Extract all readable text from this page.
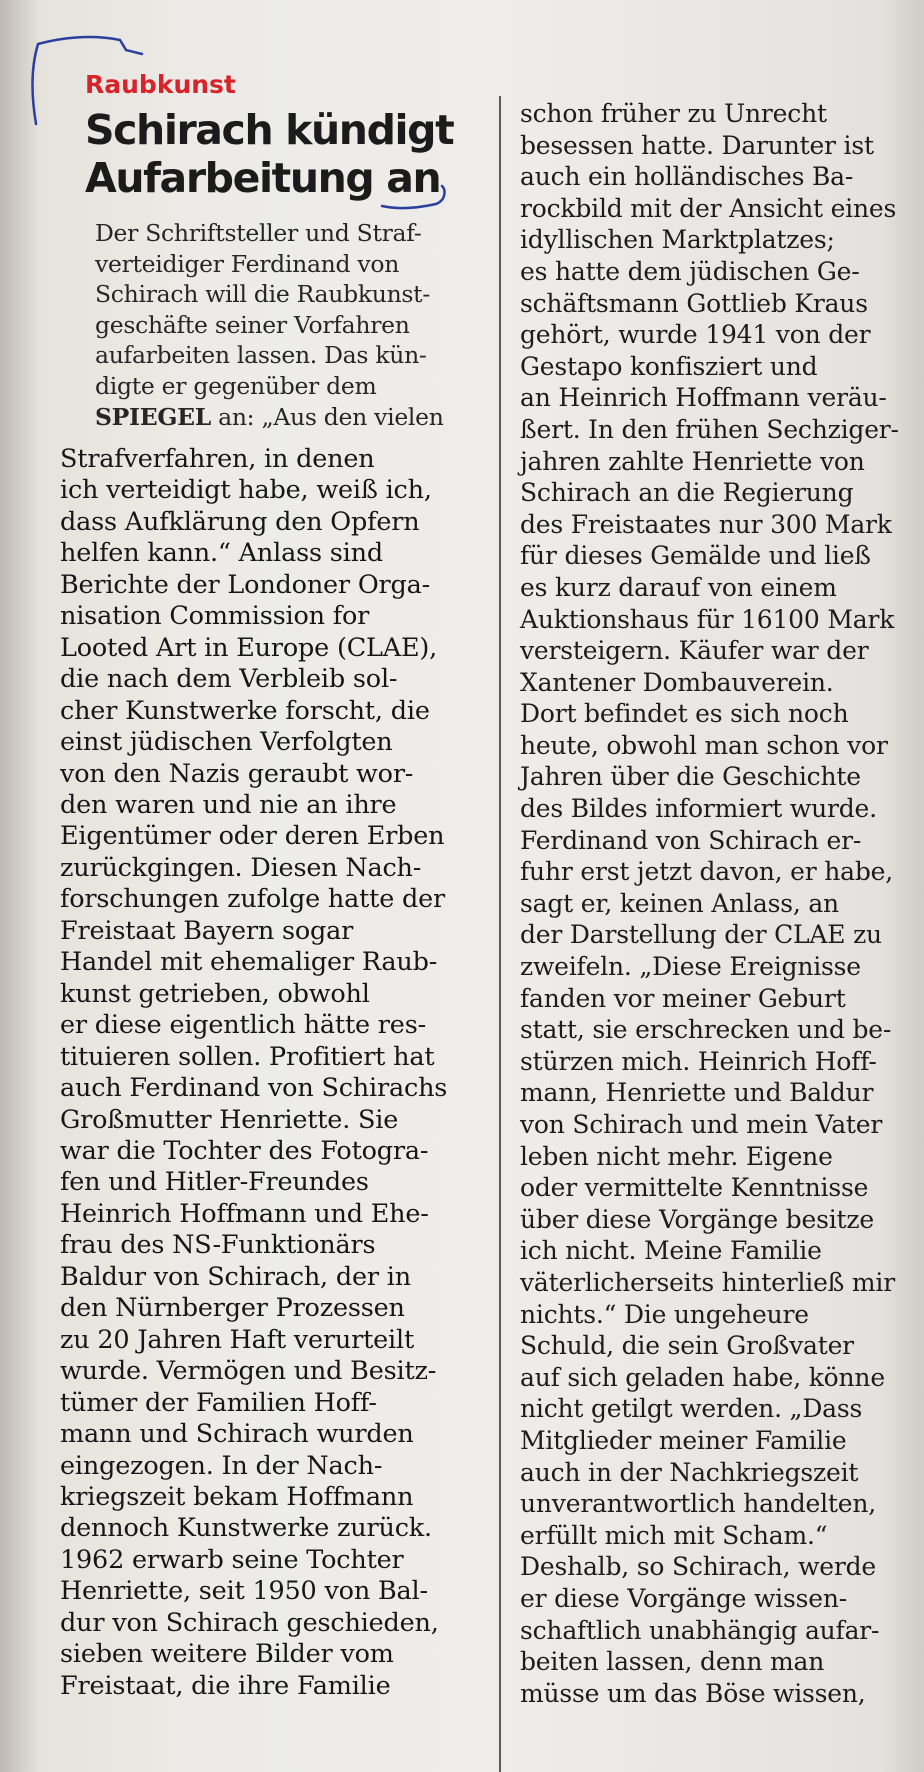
Raubkunst
Schirach kündigt
Aufarbeitung an
Der Schriftsteller und Straf-
verteidiger Ferdinand von
Schirach will die Raubkunst-
geschäfte seiner Vorfahren
aufarbeiten lassen. Das kün-
digte er gegenüber dem
SPIEGEL an: „Aus den vielen
Strafverfahren, in denen
ich verteidigt habe, weiß ich,
dass Aufklärung den Opfern
helfen kann.“ Anlass sind
Berichte der Londoner Orga-
nisation Commission for
Looted Art in Europe (CLAE),
die nach dem Verbleib sol-
cher Kunstwerke forscht, die
einst jüdischen Verfolgten
von den Nazis geraubt wor-
den waren und nie an ihre
Eigentümer oder deren Erben
zurückgingen. Diesen Nach-
forschungen zufolge hatte der
Freistaat Bayern sogar
Handel mit ehemaliger Raub-
kunst getrieben, obwohl
er diese eigentlich hätte res-
tituieren sollen. Profitiert hat
auch Ferdinand von Schirachs
Großmutter Henriette. Sie
war die Tochter des Fotogra-
fen und Hitler-Freundes
Heinrich Hoffmann und Ehe-
frau des NS-Funktionärs
Baldur von Schirach, der in
den Nürnberger Prozessen
zu 20 Jahren Haft verurteilt
wurde. Vermögen und Besitz-
tümer der Familien Hoff-
mann und Schirach wurden
eingezogen. In der Nach-
kriegszeit bekam Hoffmann
dennoch Kunstwerke zurück.
1962 erwarb seine Tochter
Henriette, seit 1950 von Bal-
dur von Schirach geschieden,
sieben weitere Bilder vom
Freistaat, die ihre Familie
schon früher zu Unrecht
besessen hatte. Darunter ist
auch ein holländisches Ba-
rockbild mit der Ansicht eines
idyllischen Marktplatzes;
es hatte dem jüdischen Ge-
schäftsmann Gottlieb Kraus
gehört, wurde 1941 von der
Gestapo konfisziert und
an Heinrich Hoffmann veräu-
ßert. In den frühen Sechziger-
jahren zahlte Henriette von
Schirach an die Regierung
des Freistaates nur 300 Mark
für dieses Gemälde und ließ
es kurz darauf von einem
Auktionshaus für 16100 Mark
versteigern. Käufer war der
Xantener Dombauverein.
Dort befindet es sich noch
heute, obwohl man schon vor
Jahren über die Geschichte
des Bildes informiert wurde.
Ferdinand von Schirach er-
fuhr erst jetzt davon, er habe,
sagt er, keinen Anlass, an
der Darstellung der CLAE zu
zweifeln. „Diese Ereignisse
fanden vor meiner Geburt
statt, sie erschrecken und be-
stürzen mich. Heinrich Hoff-
mann, Henriette und Baldur
von Schirach und mein Vater
leben nicht mehr. Eigene
oder vermittelte Kenntnisse
über diese Vorgänge besitze
ich nicht. Meine Familie
väterlicherseits hinterließ mir
nichts.“ Die ungeheure
Schuld, die sein Großvater
auf sich geladen habe, könne
nicht getilgt werden. „Dass
Mitglieder meiner Familie
auch in der Nachkriegszeit
unverantwortlich handelten,
erfüllt mich mit Scham.“
Deshalb, so Schirach, werde
er diese Vorgänge wissen-
schaftlich unabhängig aufar-
beiten lassen, denn man
müsse um das Böse wissen,
